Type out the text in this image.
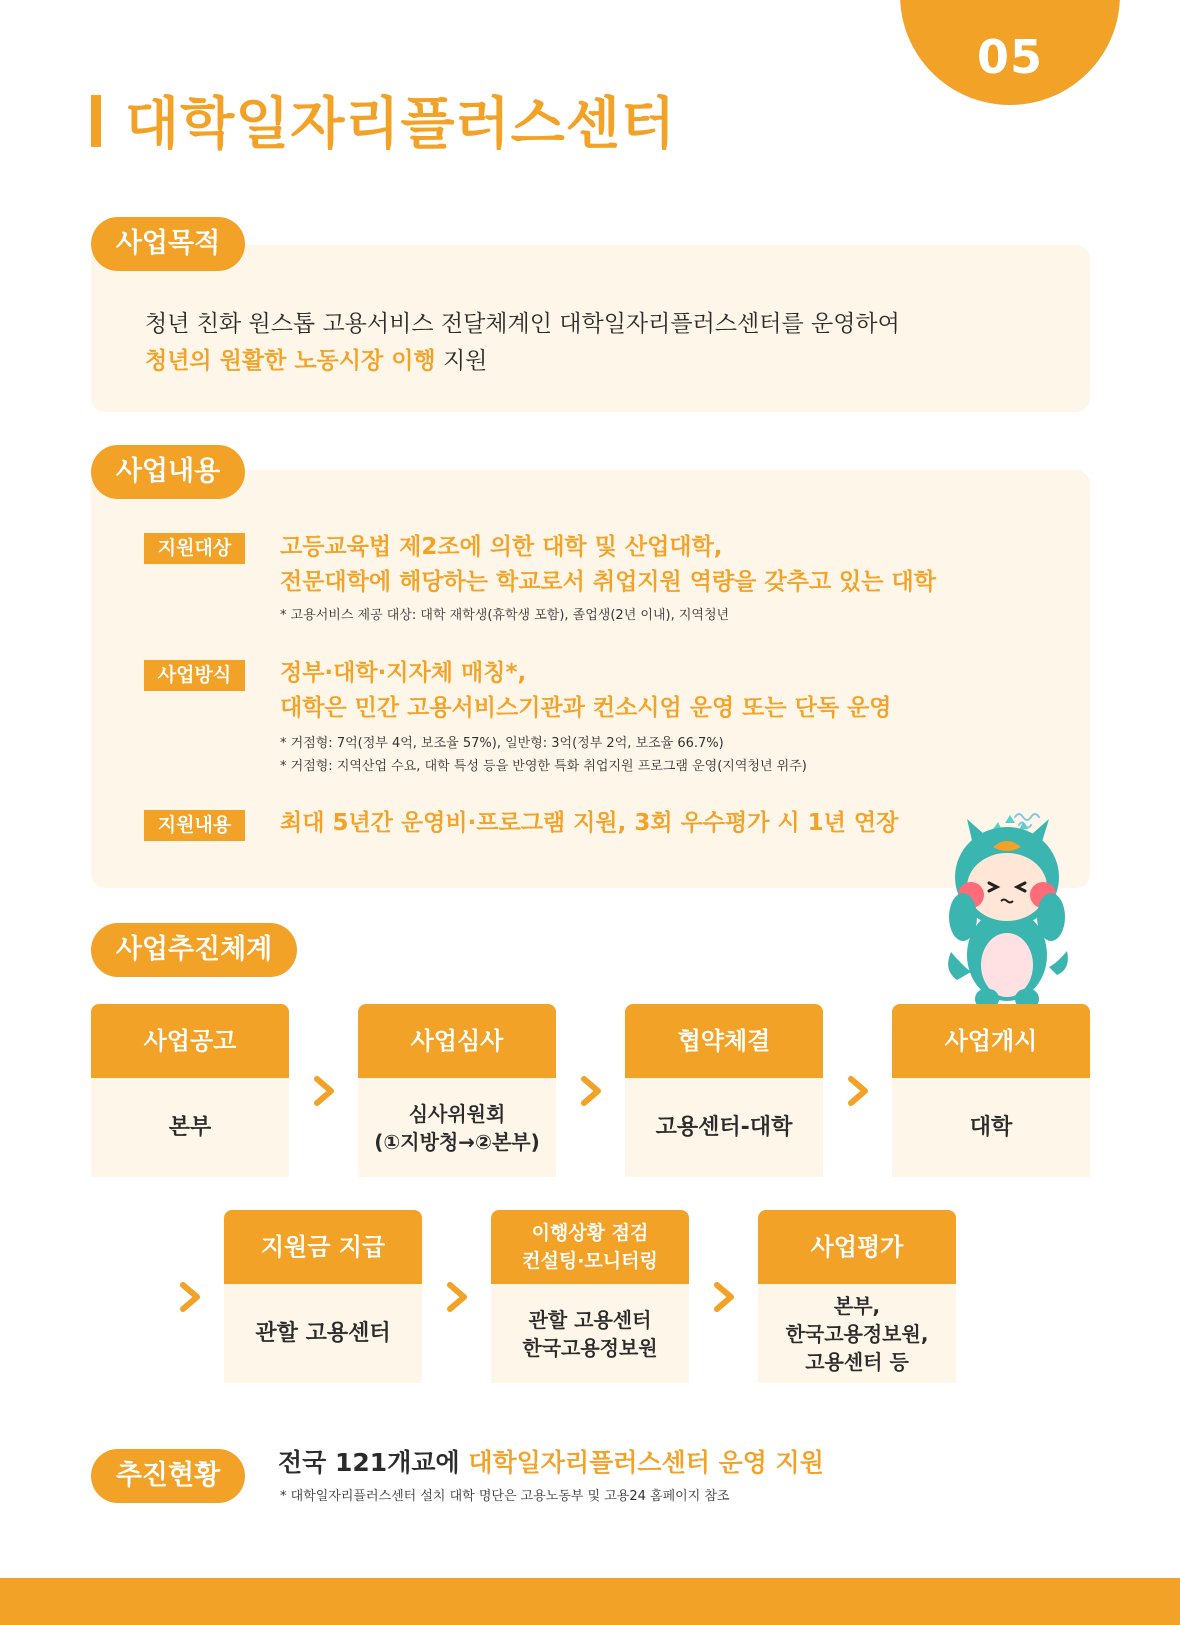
05
대학일자리플러스센터
사업목적
청년 친화 원스톱 고용서비스 전달체계인 대학일자리플러스센터를 운영하여
청년의 원활한 노동시장 이행 지원
사업내용
지원대상	고등교육법 제2조에 의한 대학 및 산업대학,
전문대학에 해당하는 학교로서 취업지원 역량을 갖추고 있는 대학
* 고용서비스 제공 대상: 대학 재학생(휴학생 포함), 졸업생(2년 이내), 지역청년
사업방식	정부·대학·지자체 매칭*,
대학은 민간 고용서비스기관과 컨소시엄 운영 또는 단독 운영
* 거점형: 7억(정부 4억, 보조율 57%), 일반형: 3억(정부 2억, 보조율 66.7%)
* 거점형: 지역산업 수요, 대학 특성 등을 반영한 특화 취업지원 프로그램 운영(지역청년 위주)
지원내용	최대 5년간 운영비·프로그램 지원, 3회 우수평가 시 1년 연장
사업추진체계
사업공고
본부
사업심사
심사위원회
(①지방청→②본부)
협약체결
고용센터-대학
사업개시
대학
지원금 지급
관할 고용센터
이행상황 점검
컨설팅·모니터링
관할 고용센터
한국고용정보원
사업평가
본부,
한국고용정보원,
고용센터 등
추진현황	전국 121개교에 대학일자리플러스센터 운영 지원
* 대학일자리플러스센터 설치 대학 명단은 고용노동부 및 고용24 홈페이지 참조
